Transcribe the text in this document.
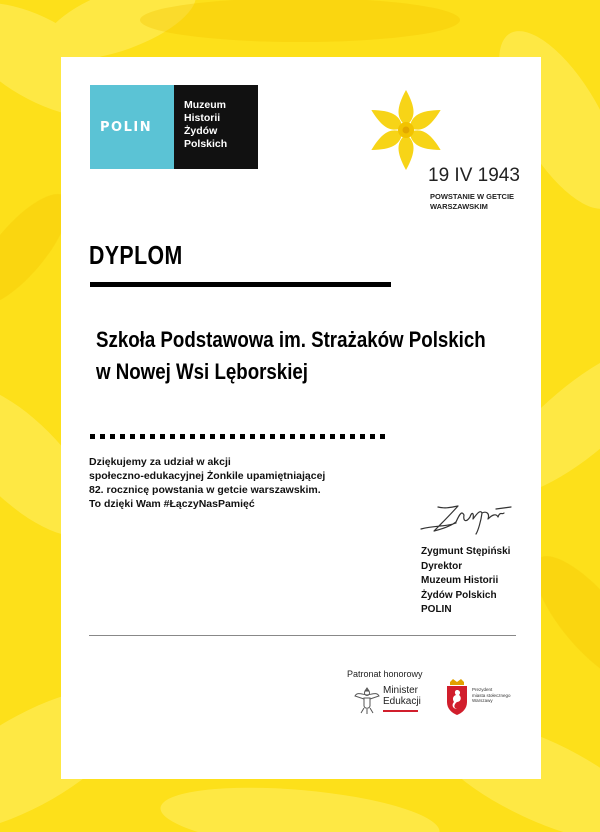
POLIN
Muzeum
Historii
Żydów
Polskich
19 IV 1943
POWSTANIE W GETCIE
WARSZAWSKIM
DYPLOM
Szkoła Podstawowa im. Strażaków Polskich
w Nowej Wsi Lęborskiej
Dziękujemy za udział w akcji
społeczno-edukacyjnej Żonkile upamiętniającej
82. rocznicę powstania w getcie warszawskim.
To dzięki Wam #ŁączyNasPamięć
Zygmunt Stępiński
Dyrektor
Muzeum Historii
Żydów Polskich
POLIN
Patronat honorowy
Minister
Edukacji
Prezydent
miasta stołecznego
Warszawy
